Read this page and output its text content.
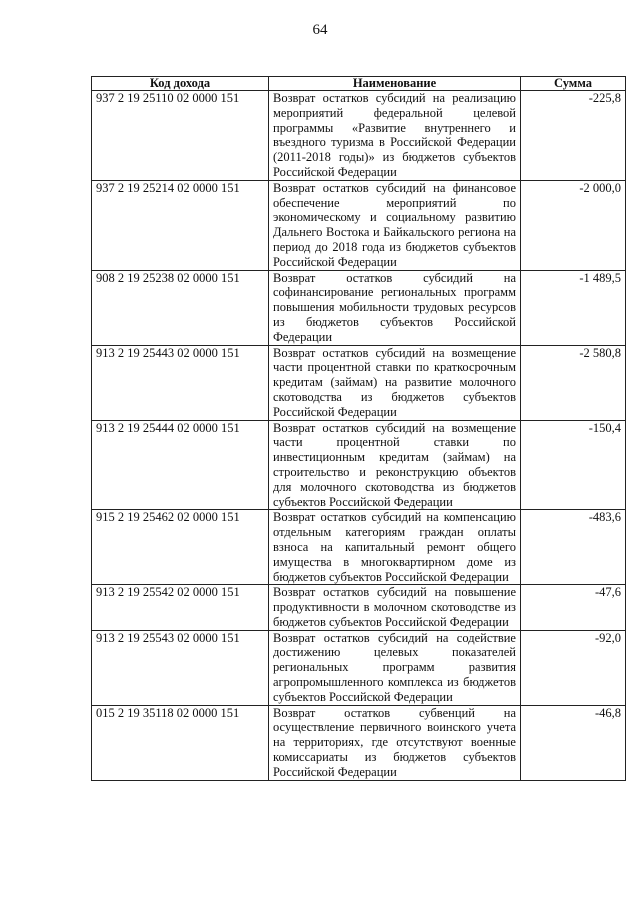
64
Код дохода	Наименование	Сумма
937 2 19 25110 02 0000 151	Возврат остатков субсидий на реализацию мероприятий федеральной целевой программы «Развитие внутреннего и въездного туризма в Российской Федерации (2011-2018 годы)» из бюджетов субъектов Российской Федерации	-225,8
937 2 19 25214 02 0000 151	Возврат остатков субсидий на финансовое обеспечение мероприятий по экономическому и социальному развитию Дальнего Востока и Байкальского региона на период до 2018 года из бюджетов субъектов Российской Федерации	-2 000,0
908 2 19 25238 02 0000 151	Возврат остатков субсидий на софинансирование региональных программ повышения мобильности трудовых ресурсов из бюджетов субъектов Российской Федерации	-1 489,5
913 2 19 25443 02 0000 151	Возврат остатков субсидий на возмещение части процентной ставки по краткосрочным кредитам (займам) на развитие молочного скотоводства из бюджетов субъектов Российской Федерации	-2 580,8
913 2 19 25444 02 0000 151	Возврат остатков субсидий на возмещение части процентной ставки по инвестиционным кредитам (займам) на строительство и реконструкцию объектов для молочного скотоводства из бюджетов субъектов Российской Федерации	-150,4
915 2 19 25462 02 0000 151	Возврат остатков субсидий на компенсацию отдельным категориям граждан оплаты взноса на капитальный ремонт общего имущества в многоквартирном доме из бюджетов субъектов Российской Федерации	-483,6
913 2 19 25542 02 0000 151	Возврат остатков субсидий на повышение продуктивности в молочном скотоводстве из бюджетов субъектов Российской Федерации	-47,6
913 2 19 25543 02 0000 151	Возврат остатков субсидий на содействие достижению целевых показателей региональных программ развития агропромышленного комплекса из бюджетов субъектов Российской Федерации	-92,0
015 2 19 35118 02 0000 151	Возврат остатков субвенций на осуществление первичного воинского учета на территориях, где отсутствуют военные комиссариаты из бюджетов субъектов Российской Федерации	-46,8
